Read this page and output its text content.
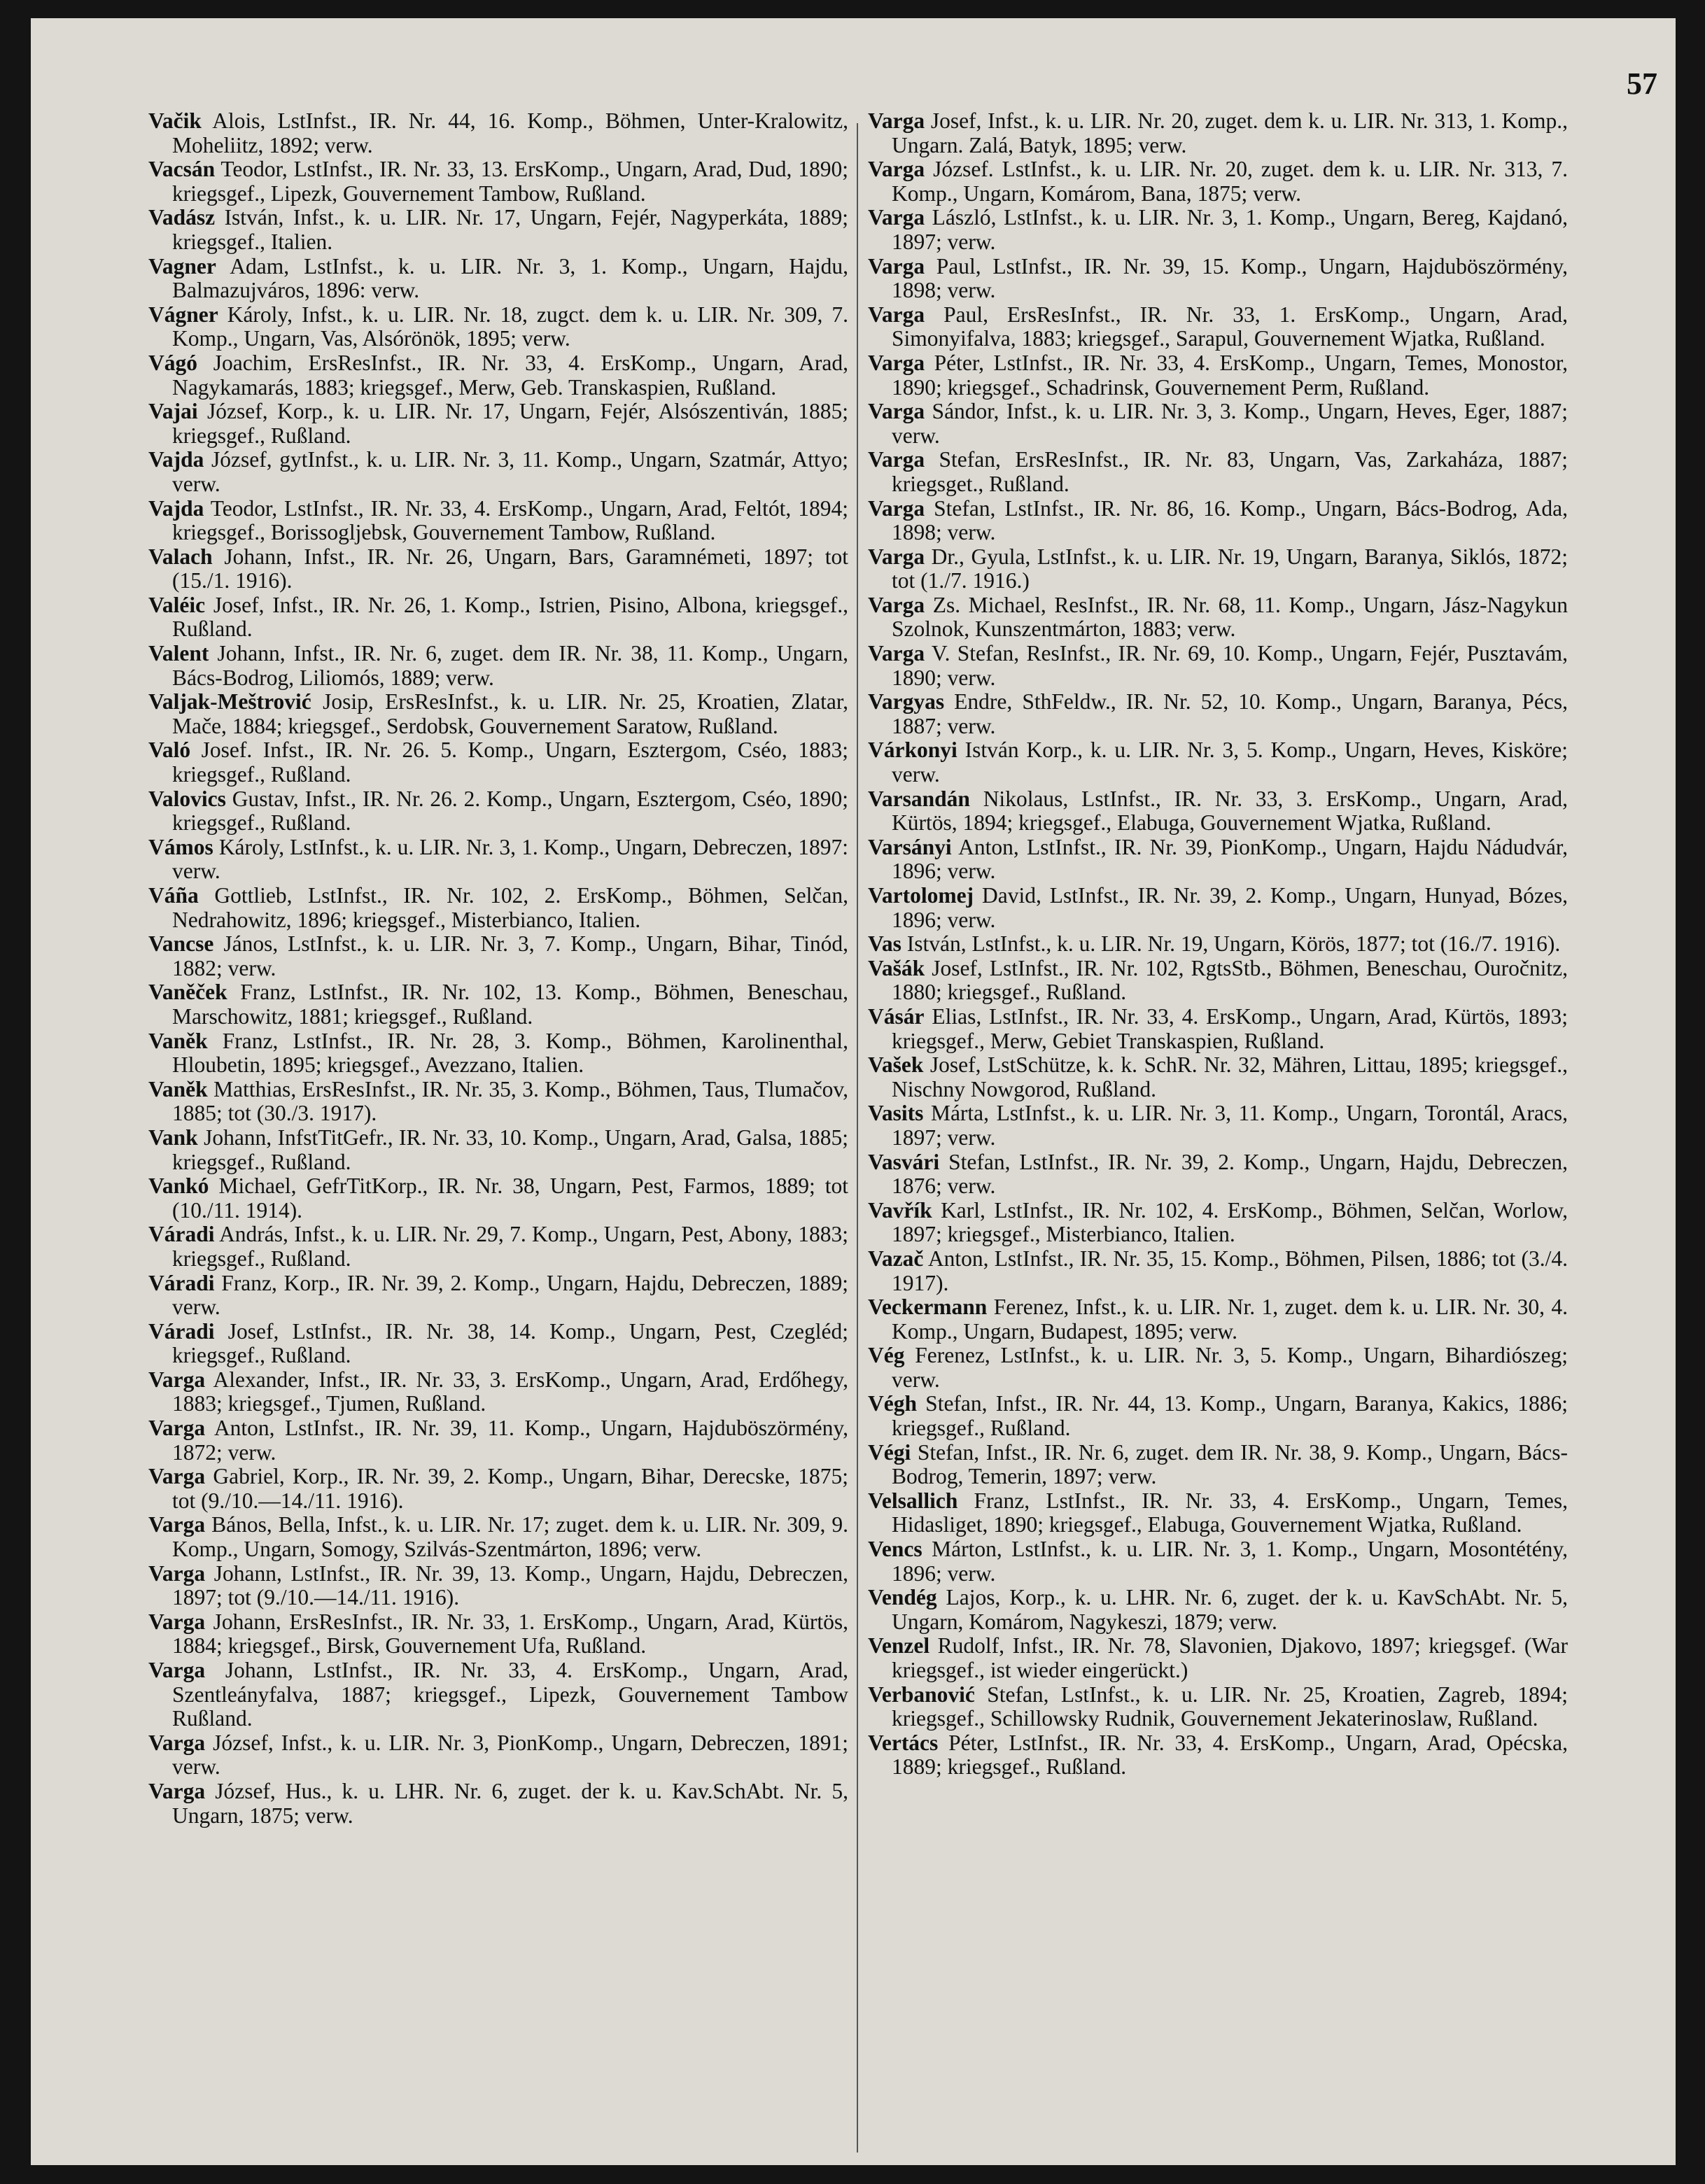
57

Vačik Alois, LstInfst., IR. Nr. 44, 16. Komp., Böhmen, Unter-Kralowitz, Moheliitz, 1892; verw.

Vacsán Teodor, LstInfst., IR. Nr. 33, 13. ErsKomp., Ungarn, Arad, Dud, 1890; kriegsgef., Lipezk, Gouvernement Tambow, Rußland.

Vadász István, Infst., k. u. LIR. Nr. 17, Ungarn, Fejér, Nagyperkáta, 1889; kriegsgef., Italien.

Vagner Adam, LstInfst., k. u. LIR. Nr. 3, 1. Komp., Ungarn, Hajdu, Balmazujváros, 1896: verw.

Vágner Károly, Infst., k. u. LIR. Nr. 18, zugct. dem k. u. LIR. Nr. 309, 7. Komp., Ungarn, Vas, Alsórönök, 1895; verw.

Vágó Joachim, ErsResInfst., IR. Nr. 33, 4. ErsKomp., Ungarn, Arad, Nagykamarás, 1883; kriegsgef., Merw, Geb. Transkaspien, Rußland.

Vajai József, Korp., k. u. LIR. Nr. 17, Ungarn, Fejér, Alsószentiván, 1885; kriegsgef., Rußland.

Vajda József, gytInfst., k. u. LIR. Nr. 3, 11. Komp., Ungarn, Szatmár, Attyo; verw.

Vajda Teodor, LstInfst., IR. Nr. 33, 4. ErsKomp., Ungarn, Arad, Feltót, 1894; kriegsgef., Borissoglјebsk, Gouvernement Tambow, Rußland.

Valach Johann, Infst., IR. Nr. 26, Ungarn, Bars, Garamnémeti, 1897; tot (15./1. 1916).

Valéic Josef, Infst., IR. Nr. 26, 1. Komp., Istrien, Pisino, Albona, kriegsgef., Rußland.

Valent Johann, Infst., IR. Nr. 6, zuget. dem IR. Nr. 38, 11. Komp., Ungarn, Bács-Bodrog, Liliomós, 1889; verw.

Valjak-Meštrović Josip, ErsResInfst., k. u. LIR. Nr. 25, Kroatien, Zlatar, Mače, 1884; kriegsgef., Serdobsk, Gouvernement Saratow, Rußland.

Való Josef. Infst., IR. Nr. 26. 5. Komp., Ungarn, Esztergom, Cséo, 1883; kriegsgef., Rußland.

Valovics Gustav, Infst., IR. Nr. 26. 2. Komp., Ungarn, Esztergom, Cséo, 1890; kriegsgef., Rußland.

Vámos Károly, LstInfst., k. u. LIR. Nr. 3, 1. Komp., Ungarn, Debreczen, 1897: verw.

Váña Gottlieb, LstInfst., IR. Nr. 102, 2. ErsKomp., Böhmen, Selčan, Nedrahowitz, 1896; kriegsgef., Misterbianco, Italien.

Vancse János, LstInfst., k. u. LIR. Nr. 3, 7. Komp., Ungarn, Bihar, Tinód, 1882; verw.

Vaněček Franz, LstInfst., IR. Nr. 102, 13. Komp., Böhmen, Beneschau, Marschowitz, 1881; kriegsgef., Rußland.

Vaněk Franz, LstInfst., IR. Nr. 28, 3. Komp., Böhmen, Karolinenthal, Hloubetin, 1895; kriegsgef., Avezzano, Italien.

Vaněk Matthias, ErsResInfst., IR. Nr. 35, 3. Komp., Böhmen, Taus, Tlumačov, 1885; tot (30./3. 1917).

Vank Johann, InfstTitGefr., IR. Nr. 33, 10. Komp., Ungarn, Arad, Galsa, 1885; kriegsgef., Rußland.

Vankó Michael, GefrTitKorp., IR. Nr. 38, Ungarn, Pest, Farmos, 1889; tot (10./11. 1914).

Váradi András, Infst., k. u. LIR. Nr. 29, 7. Komp., Ungarn, Pest, Abony, 1883; kriegsgef., Rußland.

Váradi Franz, Korp., IR. Nr. 39, 2. Komp., Ungarn, Hajdu, Debreczen, 1889; verw.

Váradi Josef, LstInfst., IR. Nr. 38, 14. Komp., Ungarn, Pest, Czegléd; kriegsgef., Rußland.

Varga Alexander, Infst., IR. Nr. 33, 3. ErsKomp., Ungarn, Arad, Erdőhegy, 1883; kriegsgef., Tjumen, Rußland.

Varga Anton, LstInfst., IR. Nr. 39, 11. Komp., Ungarn, Hajduböszörmény, 1872; verw.

Varga Gabriel, Korp., IR. Nr. 39, 2. Komp., Ungarn, Bihar, Derecske, 1875; tot (9./10.—14./11. 1916).

Varga Bános, Bella, Infst., k. u. LIR. Nr. 17; zuget. dem k. u. LIR. Nr. 309, 9. Komp., Ungarn, Somogy, Szilvás-Szentmárton, 1896; verw.

Varga Johann, LstInfst., IR. Nr. 39, 13. Komp., Ungarn, Hajdu, Debreczen, 1897; tot (9./10.—14./11. 1916).

Varga Johann, ErsResInfst., IR. Nr. 33, 1. ErsKomp., Ungarn, Arad, Kürtös, 1884; kriegsgef., Birsk, Gouvernement Ufa, Rußland.

Varga Johann, LstInfst., IR. Nr. 33, 4. ErsKomp., Ungarn, Arad, Szentleányfalva, 1887; kriegsgef., Lipezk, Gouvernement Tambow Rußland.

Varga József, Infst., k. u. LIR. Nr. 3, PionKomp., Ungarn, Debreczen, 1891; verw.

Varga József, Hus., k. u. LHR. Nr. 6, zuget. der k. u. Kav.SchAbt. Nr. 5, Ungarn, 1875; verw.

Varga Josef, Infst., k. u. LIR. Nr. 20, zuget. dem k. u. LIR. Nr. 313, 1. Komp., Ungarn. Zalá, Batyk, 1895; verw.

Varga József. LstInfst., k. u. LIR. Nr. 20, zuget. dem k. u. LIR. Nr. 313, 7. Komp., Ungarn, Komárom, Bana, 1875; verw.

Varga László, LstInfst., k. u. LIR. Nr. 3, 1. Komp., Ungarn, Bereg, Kajdanó, 1897; verw.

Varga Paul, LstInfst., IR. Nr. 39, 15. Komp., Ungarn, Hajduböszörmény, 1898; verw.

Varga Paul, ErsResInfst., IR. Nr. 33, 1. ErsKomp., Ungarn, Arad, Simonyifalva, 1883; kriegsgef., Sarapul, Gouvernement Wjatka, Rußland.

Varga Péter, LstInfst., IR. Nr. 33, 4. ErsKomp., Ungarn, Temes, Monostor, 1890; kriegsgef., Schadrinsk, Gouvernement Perm, Rußland.

Varga Sándor, Infst., k. u. LIR. Nr. 3, 3. Komp., Ungarn, Heves, Eger, 1887; verw.

Varga Stefan, ErsResInfst., IR. Nr. 83, Ungarn, Vas, Zarkaháza, 1887; kriegsget., Rußland.

Varga Stefan, LstInfst., IR. Nr. 86, 16. Komp., Ungarn, Bács-Bodrog, Ada, 1898; verw.

Varga Dr., Gyula, LstInfst., k. u. LIR. Nr. 19, Ungarn, Baranya, Siklós, 1872; tot (1./7. 1916.)

Varga Zs. Michael, ResInfst., IR. Nr. 68, 11. Komp., Ungarn, Jász-Nagykun Szolnok, Kunszentmárton, 1883; verw.

Varga V. Stefan, ResInfst., IR. Nr. 69, 10. Komp., Ungarn, Fejér, Pusztavám, 1890; verw.

Vargyas Endre, SthFeldw., IR. Nr. 52, 10. Komp., Ungarn, Baranya, Pécs, 1887; verw.

Várkonyi István Korp., k. u. LIR. Nr. 3, 5. Komp., Ungarn, Heves, Kisköre; verw.

Varsandán Nikolaus, LstInfst., IR. Nr. 33, 3. ErsKomp., Ungarn, Arad, Kürtös, 1894; kriegsgef., Elabuga, Gouvernement Wjatka, Rußland.

Varsányi Anton, LstInfst., IR. Nr. 39, PionKomp., Ungarn, Hajdu Nádudvár, 1896; verw.

Vartolomej David, LstInfst., IR. Nr. 39, 2. Komp., Ungarn, Hunyad, Bózes, 1896; verw.

Vas István, LstInfst., k. u. LIR. Nr. 19, Ungarn, Körös, 1877; tot (16./7. 1916).

Vašák Josef, LstInfst., IR. Nr. 102, RgtsStb., Böhmen, Beneschau, Ouročnitz, 1880; kriegsgef., Rußland.

Vásár Elias, LstInfst., IR. Nr. 33, 4. ErsKomp., Ungarn, Arad, Kürtös, 1893; kriegsgef., Merw, Gebiet Transkaspien, Rußland.

Vašek Josef, LstSchütze, k. k. SchR. Nr. 32, Mähren, Littau, 1895; kriegsgef., Nischny Nowgorod, Rußland.

Vasits Márta, LstInfst., k. u. LIR. Nr. 3, 11. Komp., Ungarn, Torontál, Aracs, 1897; verw.

Vasvári Stefan, LstInfst., IR. Nr. 39, 2. Komp., Ungarn, Hajdu, Debreczen, 1876; verw.

Vavřík Karl, LstInfst., IR. Nr. 102, 4. ErsKomp., Böhmen, Selčan, Worlow, 1897; kriegsgef., Misterbianco, Italien.

Vazač Anton, LstInfst., IR. Nr. 35, 15. Komp., Böhmen, Pilsen, 1886; tot (3./4. 1917).

Veckermann Ferenez, Infst., k. u. LIR. Nr. 1, zuget. dem k. u. LIR. Nr. 30, 4. Komp., Ungarn, Budapest, 1895; verw.

Vég Ferenez, LstInfst., k. u. LIR. Nr. 3, 5. Komp., Ungarn, Bihardiószeg; verw.

Végh Stefan, Infst., IR. Nr. 44, 13. Komp., Ungarn, Baranya, Kakics, 1886; kriegsgef., Rußland.

Végi Stefan, Infst., IR. Nr. 6, zuget. dem IR. Nr. 38, 9. Komp., Ungarn, Bács-Bodrog, Temerin, 1897; verw.

Velsallich Franz, LstInfst., IR. Nr. 33, 4. ErsKomp., Ungarn, Temes, Hidasliget, 1890; kriegsgef., Elabuga, Gouvernement Wjatka, Rußland.

Vencs Márton, LstInfst., k. u. LIR. Nr. 3, 1. Komp., Ungarn, Mosontétény, 1896; verw.

Vendég Lajos, Korp., k. u. LHR. Nr. 6, zuget. der k. u. KavSchAbt. Nr. 5, Ungarn, Komárom, Nagykeszi, 1879; verw.

Venzel Rudolf, Infst., IR. Nr. 78, Slavonien, Djakovo, 1897; kriegsgef. (War kriegsgef., ist wieder eingerückt.)

Verbanović Stefan, LstInfst., k. u. LIR. Nr. 25, Kroatien, Zagreb, 1894; kriegsgef., Schillowsky Rudnik, Gouvernement Jekaterinoslaw, Rußland.

Vertács Péter, LstInfst., IR. Nr. 33, 4. ErsKomp., Ungarn, Arad, Opécska, 1889; kriegsgef., Rußland.
